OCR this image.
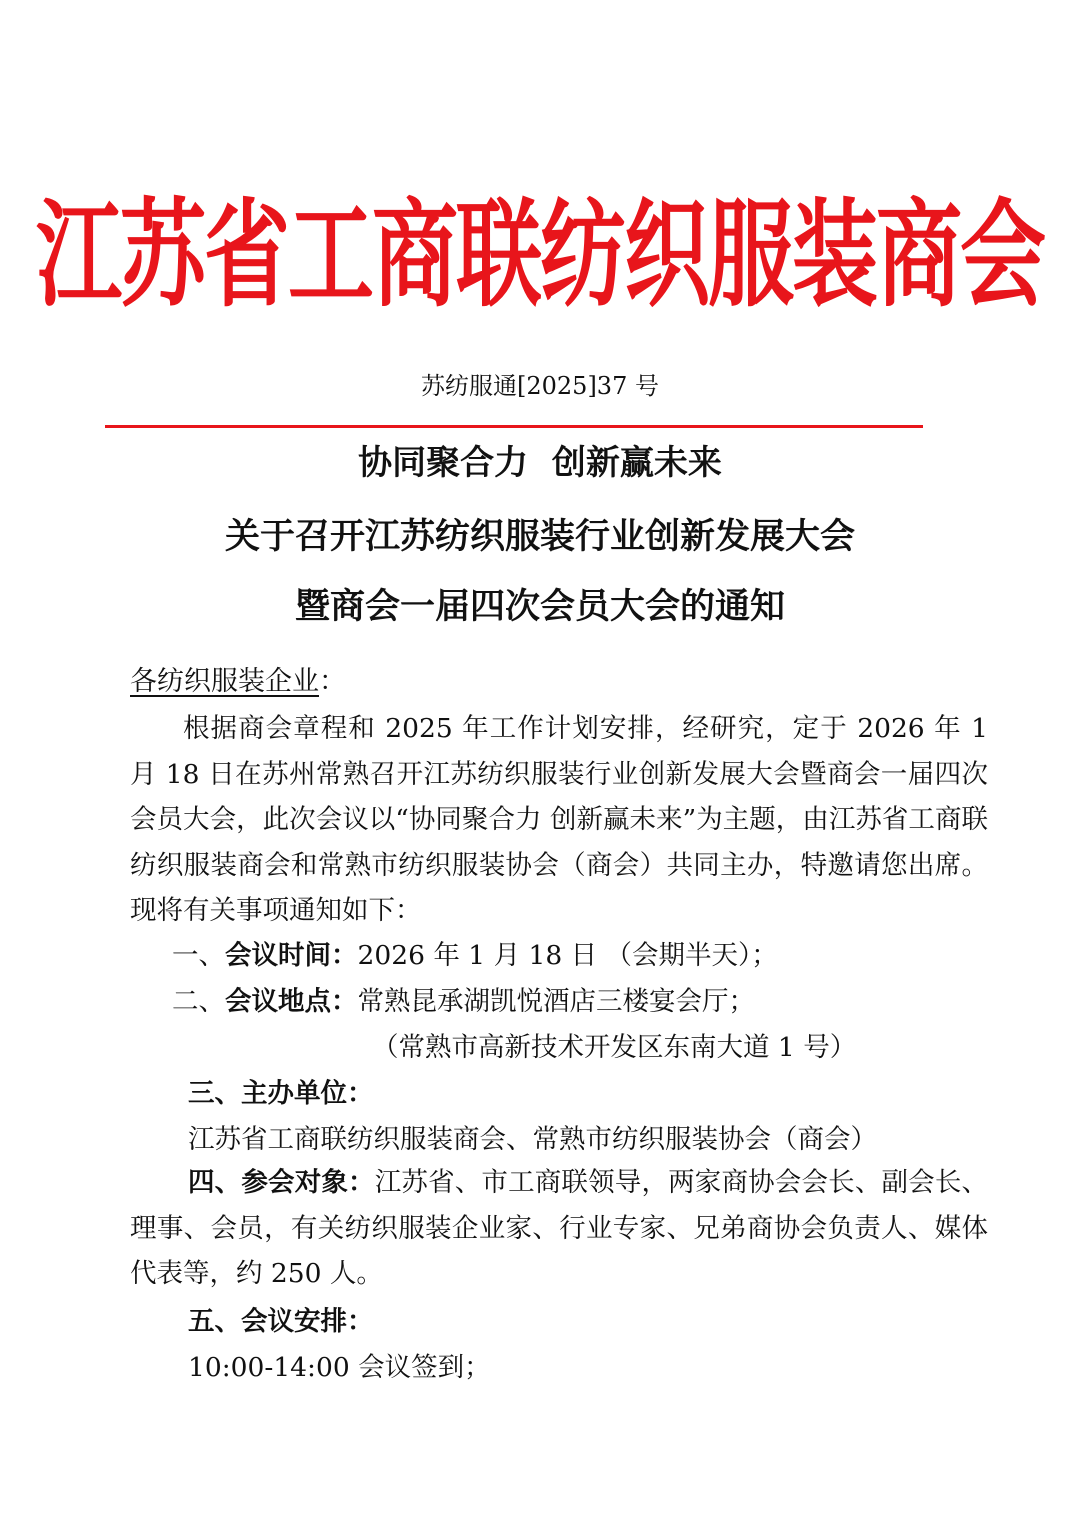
江苏省工商联纺织服装商会
苏纺服通[2025]37 号
协同聚合力  创新赢未来
关于召开江苏纺织服装行业创新发展大会
暨商会一届四次会员大会的通知
各纺织服装企业：
根据商会章程和 2025 年工作计划安排，经研究，定于 2026 年 1 月 18 日在苏州常熟召开江苏纺织服装行业创新发展大会暨商会一届四次会员大会，此次会议以“协同聚合力 创新赢未来”为主题，由江苏省工商联纺织服装商会和常熟市纺织服装协会（商会）共同主办，特邀请您出席。现将有关事项通知如下：
一、会议时间：2026 年 1 月 18 日 （会期半天）；
二、会议地点：常熟昆承湖凯悦酒店三楼宴会厅；
（常熟市高新技术开发区东南大道 1 号）
三、主办单位：
江苏省工商联纺织服装商会、常熟市纺织服装协会（商会）
四、参会对象：江苏省、市工商联领导，两家商协会会长、副会长、理事、会员，有关纺织服装企业家、行业专家、兄弟商协会负责人、媒体代表等，约 250 人。
五、会议安排：
10:00-14:00 会议签到；
